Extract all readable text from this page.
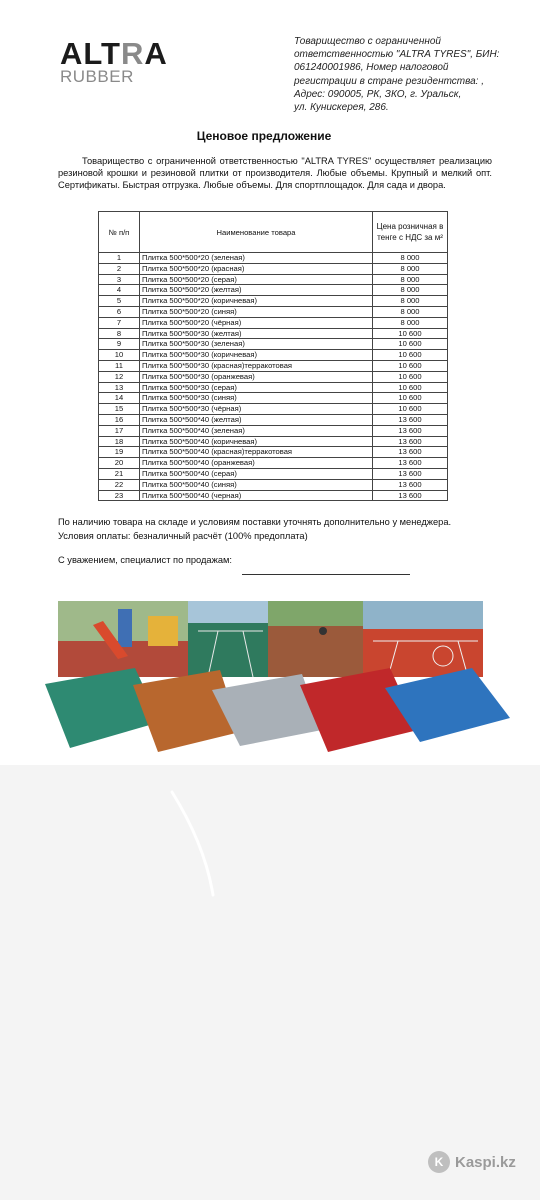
ALTRA
RUBBER
Товарищество с ограниченной
ответственностью "ALTRA TYRES", БИН:
061240001986, Номер налоговой
регистрации в стране резидентства: ,
Адрес: 090005, РК, ЗКО, г. Уральск,
ул. Кунискерея, 286.
Ценовое предложение
Товарищество с ограниченной ответственностью "ALTRA TYRES" осуществляет реализацию резиновой крошки и резиновой плитки от производителя. Любые объемы. Крупный и мелкий опт. Сертификаты. Быстрая отгрузка. Любые объемы. Для спортплощадок. Для сада и двора.
№ п/п	Наименование товара	Цена розничная в тенге с НДС за м²
1	Плитка 500*500*20 (зеленая)	8 000
2	Плитка 500*500*20 (красная)	8 000
3	Плитка 500*500*20 (серая)	8 000
4	Плитка 500*500*20 (желтая)	8 000
5	Плитка 500*500*20 (коричневая)	8 000
6	Плитка 500*500*20 (синяя)	8 000
7	Плитка 500*500*20 (чёрная)	8 000
8	Плитка 500*500*30 (желтая)	10 600
9	Плитка 500*500*30 (зеленая)	10 600
10	Плитка 500*500*30 (коричневая)	10 600
11	Плитка 500*500*30 (красная)терракотовая	10 600
12	Плитка 500*500*30 (оранжевая)	10 600
13	Плитка 500*500*30 (серая)	10 600
14	Плитка 500*500*30 (синяя)	10 600
15	Плитка 500*500*30 (чёрная)	10 600
16	Плитка 500*500*40 (желтая)	13 600
17	Плитка 500*500*40 (зеленая)	13 600
18	Плитка 500*500*40 (коричневая)	13 600
19	Плитка 500*500*40 (красная)терракотовая	13 600
20	Плитка 500*500*40 (оранжевая)	13 600
21	Плитка 500*500*40 (серая)	13 600
22	Плитка 500*500*40 (синяя)	13 600
23	Плитка 500*500*40 (черная)	13 600
По наличию товара на складе и условиям поставки уточнять дополнительно у менеджера.
Условия оплаты: безналичный расчёт (100% предоплата)
С уважением, специалист по продажам:
K Kaspi.kz
